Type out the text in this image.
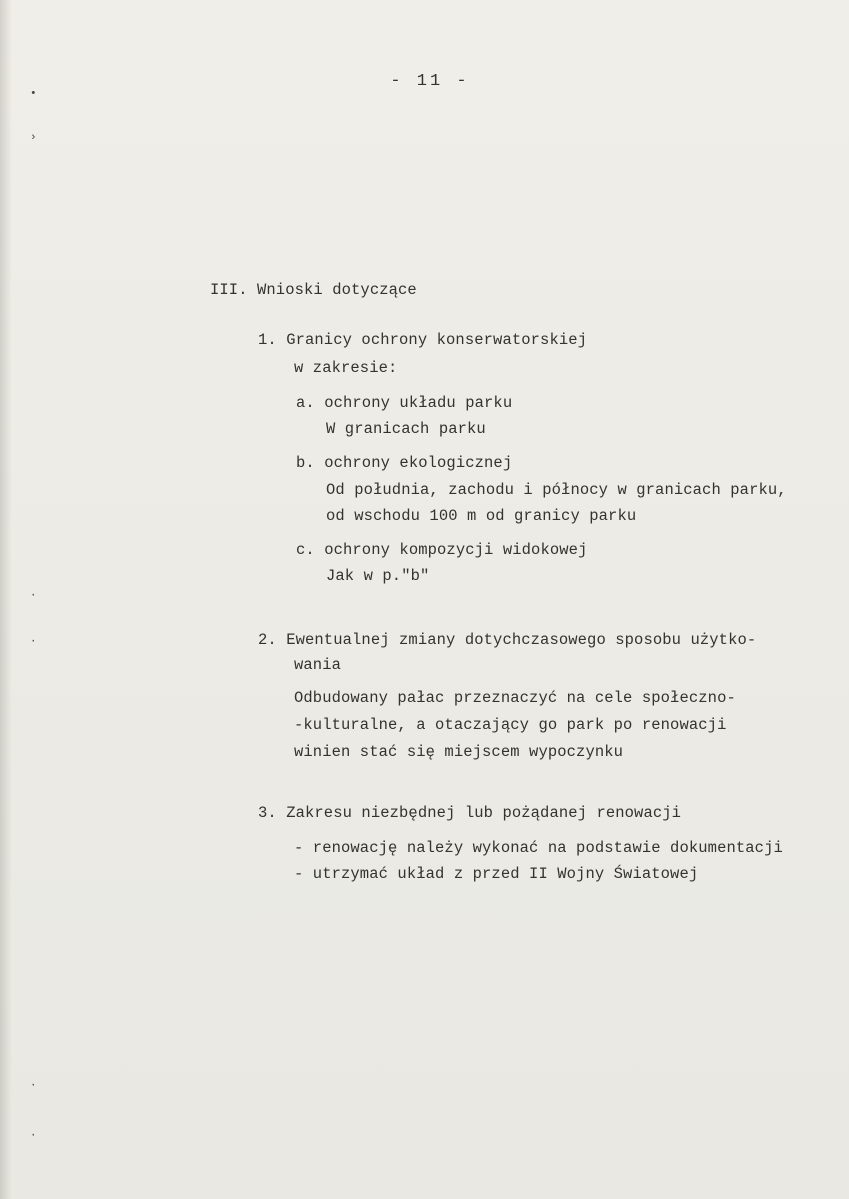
•
›
·
·
·
·
- 11 -
III. Wnioski dotyczące
1. Granicy ochrony konserwatorskiej
w zakresie:
a. ochrony układu parku
W granicach parku
b. ochrony ekologicznej
Od południa, zachodu i północy w granicach parku,
od wschodu 100 m od granicy parku
c. ochrony kompozycji widokowej
Jak w p."b"
2. Ewentualnej zmiany dotychczasowego sposobu użytko-
wania
Odbudowany pałac przeznaczyć na cele społeczno-
-kulturalne, a otaczający go park po renowacji
winien stać się miejscem wypoczynku
3. Zakresu niezbędnej lub pożądanej renowacji
- renowację należy wykonać na podstawie dokumentacji
- utrzymać układ z przed II Wojny Światowej
